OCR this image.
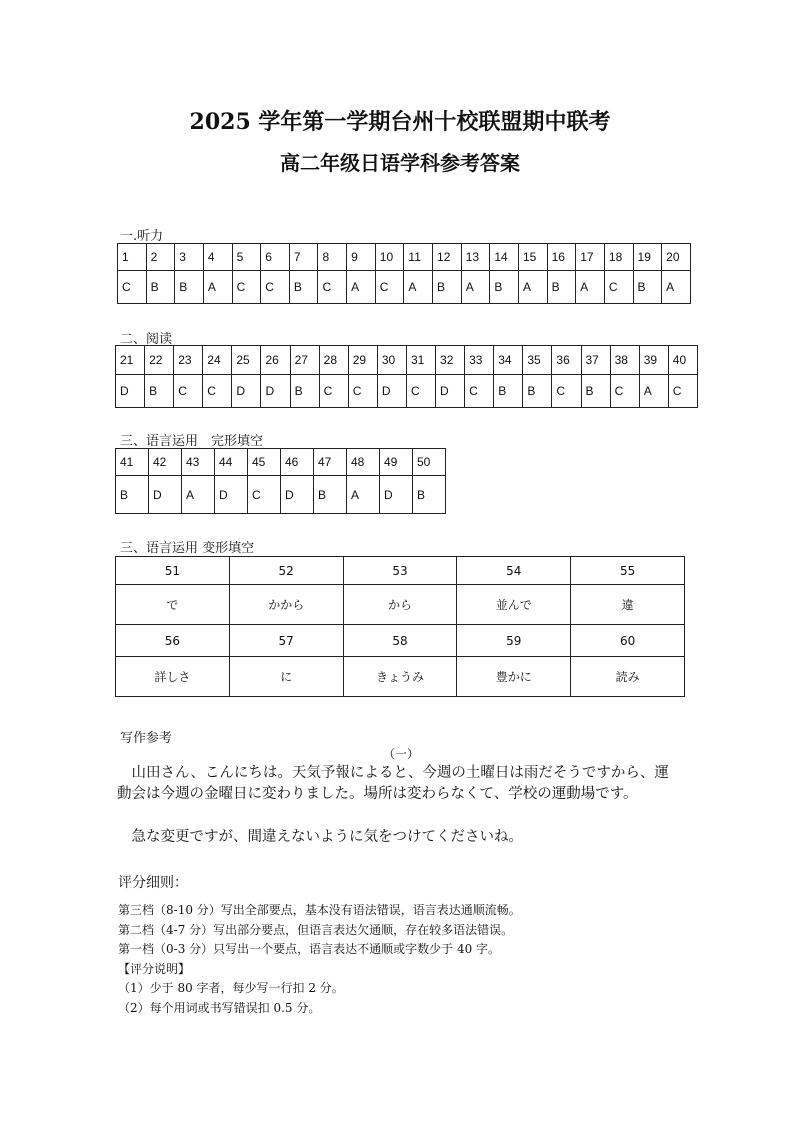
2025 学年第一学期台州十校联盟期中联考
高二年级日语学科参考答案
一.听力
1	2	3	4	5	6	7	8	9	10	11	12	13	14	15	16	17	18	19	20
C	B	B	A	C	C	B	C	A	C	A	B	A	B	A	B	A	C	B	A
二、阅读
21	22	23	24	25	26	27	28	29	30	31	32	33	34	35	36	37	38	39	40
D	B	C	C	D	D	B	C	C	D	C	D	C	B	B	C	B	C	A	C
三、语言运用　完形填空
41	42	43	44	45	46	47	48	49	50
B	D	A	D	C	D	B	A	D	B
三、语言运用 变形填空
51	52	53	54	55
で	かから	から	並んで	違
56	57	58	59	60
詳しさ	に	きょうみ	豊かに	読み
写作参考
（一）
　山田さん、こんにちは。天気予報によると、今週の土曜日は雨だそうですから、運動会は今週の金曜日に変わりました。場所は変わらなくて、学校の運動場です。
　急な変更ですが、間違えないように気をつけてくださいね。
评分细则：
第三档（8-10 分）写出全部要点，基本没有语法错误，语言表达通顺流畅。
第二档（4-7 分）写出部分要点，但语言表达欠通顺，存在较多语法错误。
第一档（0-3 分）只写出一个要点，语言表达不通顺或字数少于 40 字。
【评分说明】
（1）少于 80 字者，每少写一行扣 2 分。
（2）每个用词或书写错误扣 0.5 分。
